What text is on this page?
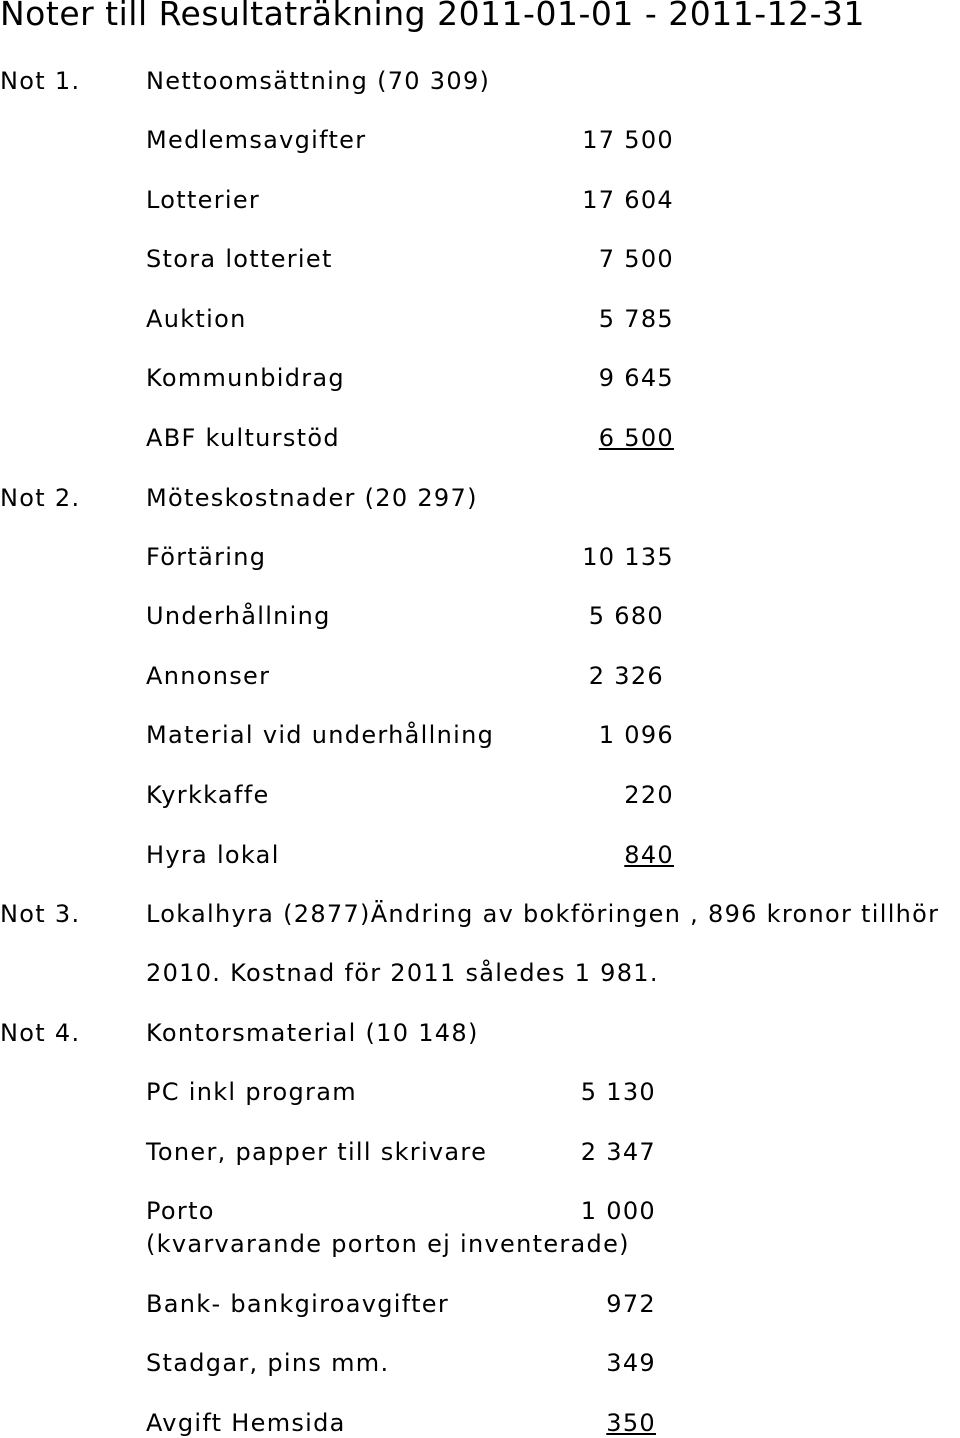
Noter till Resultaträkning 2011-01-01 - 2011-12-31
Not 1.	Nettoomsättning (70 309)
Medlemsavgifter	17 500
Lotterier	17 604
Stora lotteriet	7 500
Auktion	5 785
Kommunbidrag	9 645
ABF kulturstöd	6 500
Not 2.	Möteskostnader (20 297)
Förtäring	10 135
Underhållning	5 680
Annonser	2 326
Material vid underhållning	1 096
Kyrkkaffe	220
Hyra lokal	840
Not 3.	Lokalhyra (2877)Ändring av bokföringen , 896 kronor tillhör
2010. Kostnad för 2011 således 1 981.
Not 4.	Kontorsmaterial (10 148)
PC inkl program	5 130
Toner, papper till skrivare	2 347
Porto	1 000
(kvarvarande porton ej inventerade)
Bank- bankgiroavgifter	972
Stadgar, pins mm.	349
Avgift Hemsida	350
